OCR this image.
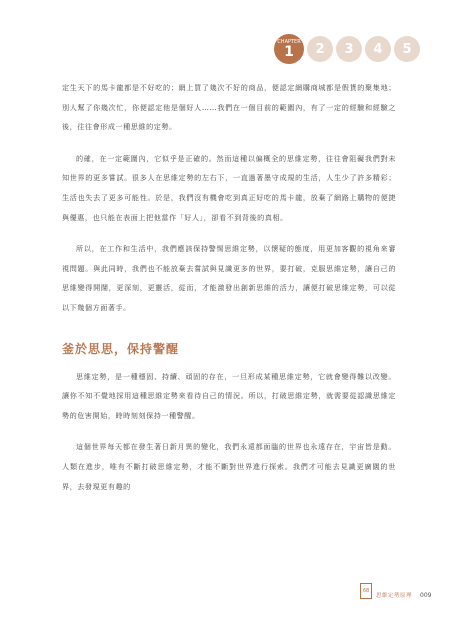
CHAPTER
1	2	3	4	5

定生天下的馬卡龍都是不好吃的；網上買了幾次不好的商品，便認定網購商城都是假貨的聚集地；別人幫了你幾次忙，你便認定他是個好人……我們在一個目前的範圍內，有了一定的經驗和經驗之後，往往會形成一種思維的定勢。

的確，在一定範圍內，它似乎是正確的。然而這種以偏概全的思維定勢，往往會阻礙我們對未知世界的更多嘗試。很多人在思維定勢的左右下，一直過著墨守成規的生活，人生少了許多精彩；生活也失去了更多可能性。於是，我們沒有機會吃到真正好吃的馬卡龍，放棄了網路上購物的便捷與優惠，也只能在表面上把他當作「好人」，卻看不到背後的真相。

所以，在工作和生活中，我們應該保持警惕思維定勢，以懷疑的態度，用更加客觀的視角來審視問題。與此同時，我們也不能放棄去嘗試與見識更多的世界，要打破，克服思維定勢，讓自己的思維變得開闊，更深刻，更靈活，從而，才能激發出創新思維的活力，讓便打破思維定勢，可以從以下幾個方面著手。

釜於思思，保持警醒

思維定勢，是一種穩固、持續、頑固的存在，一旦形成某種思維定勢，它就會變得難以改變。讓你不知不覺地採用這種思維定勢來看待自己的情況。所以，打破思維定勢，就需要從認識思維定勢的危害開始，時時刻刻保持一種警醒。

這個世界每天都在發生著日新月異的變化，我們永遠都面臨的世界也永遠存在，宇宙皆是動。人類在進步，唯有不斷打破思維定勢，才能不斷對世界進行探索。我們才可能去見識更廣闊的世界，去發現更有趣的

68
思維定勢原理 009
